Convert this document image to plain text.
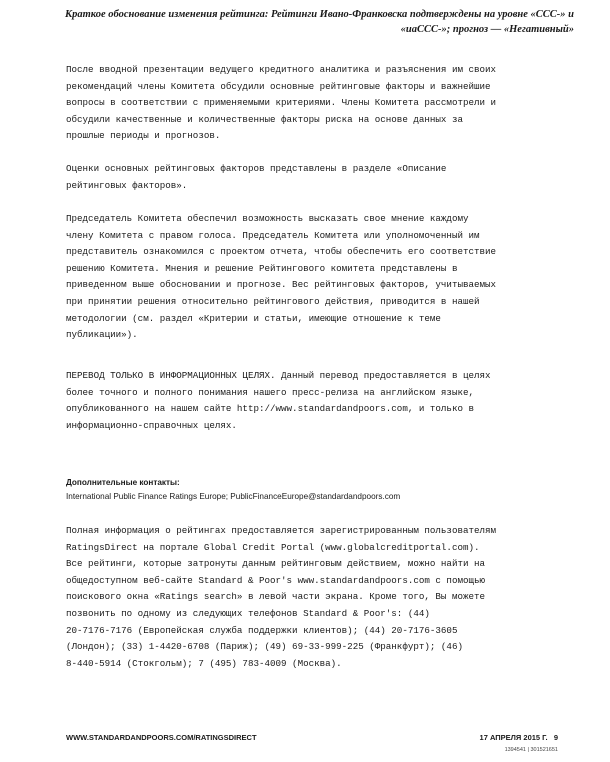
Краткое обоснование изменения рейтинга: Рейтинги Ивано-Франковска подтверждены на уровне «CCC-» и «uaCCC-»; прогноз — «Негативный»
После вводной презентации ведущего кредитного аналитика и разъяснения им своих
рекомендаций члены Комитета обсудили основные рейтинговые факторы и важнейшие
вопросы в соответствии с применяемыми критериями. Члены Комитета рассмотрели и
обсудили качественные и количественные факторы риска на основе данных за
прошлые периоды и прогнозов.
Оценки основных рейтинговых факторов представлены в разделе «Описание
рейтинговых факторов».
Председатель Комитета обеспечил возможность высказать свое мнение каждому
члену Комитета с правом голоса. Председатель Комитета или уполномоченный им
представитель ознакомился с проектом отчета, чтобы обеспечить его соответствие
решению Комитета. Мнения и решение Рейтингового комитета представлены в
приведенном выше обосновании и прогнозе. Вес рейтинговых факторов, учитываемых
при принятии решения относительно рейтингового действия, приводится в нашей
методологии (см. раздел «Критерии и статьи, имеющие отношение к теме
публикации»).
ПЕРЕВОД ТОЛЬКО В ИНФОРМАЦИОННЫХ ЦЕЛЯХ. Данный перевод предоставляется в целях
более точного и полного понимания нашего пресс-релиза на английском языке,
опубликованного на нашем сайте http://www.standardandpoors.com, и только в
информационно-справочных целях.
Дополнительные контакты:
International Public Finance Ratings Europe; PublicFinanceEurope@standardandpoors.com
Полная информация о рейтингах предоставляется зарегистрированным пользователям
RatingsDirect на портале Global Credit Portal (www.globalcreditportal.com).
Все рейтинги, которые затронуты данным рейтинговым действием, можно найти на
общедоступном веб-сайте Standard & Poor's www.standardandpoors.com с помощью
поискового окна «Ratings search» в левой части экрана. Кроме того, Вы можете
позвонить по одному из следующих телефонов Standard & Poor's: (44)
20-7176-7176 (Европейская служба поддержки клиентов); (44) 20-7176-3605
(Лондон); (33) 1-4420-6708 (Париж); (49) 69-33-999-225 (Франкфурт); (46)
8-440-5914 (Стокгольм); 7 (495) 783-4009 (Москва).
WWW.STANDARDANDPOORS.COM/RATINGSDIRECT	17 АПРЕЛЯ 2015 Г.   9
1394541 | 301521651
